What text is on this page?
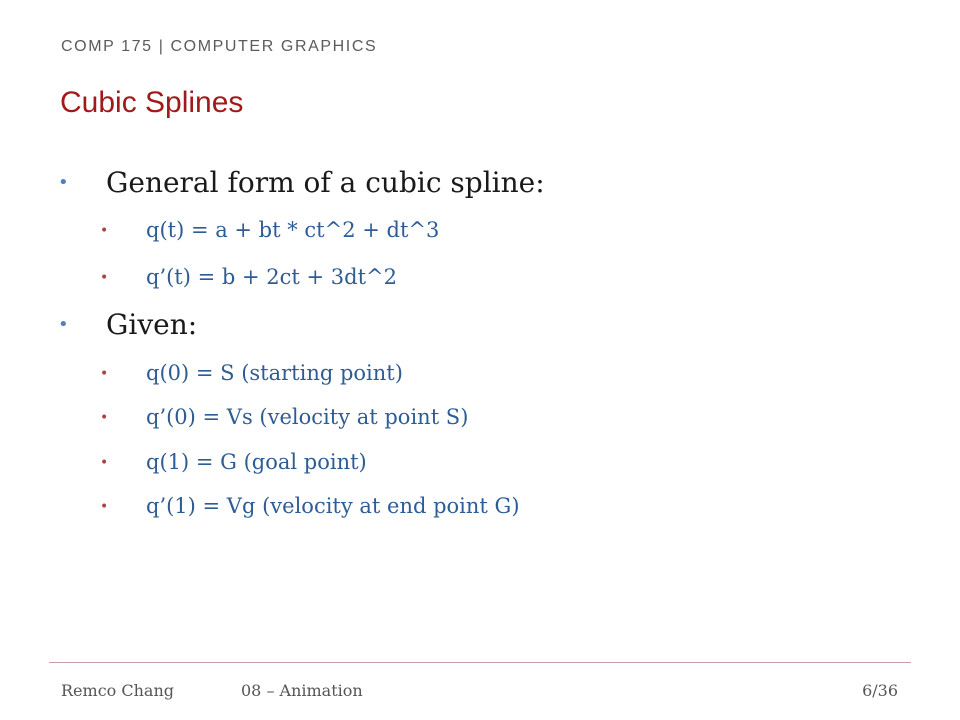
COMP 175 | COMPUTER GRAPHICS
Cubic Splines
• General form of a cubic spline:
• q(t) = a + bt * ct^2 + dt^3
• q’(t) = b + 2ct + 3dt^2
• Given:
• q(0) = S (starting point)
• q’(0) = Vs (velocity at point S)
• q(1) = G (goal point)
• q’(1) = Vg (velocity at end point G)
Remco Chang	08 – Animation	6/36
